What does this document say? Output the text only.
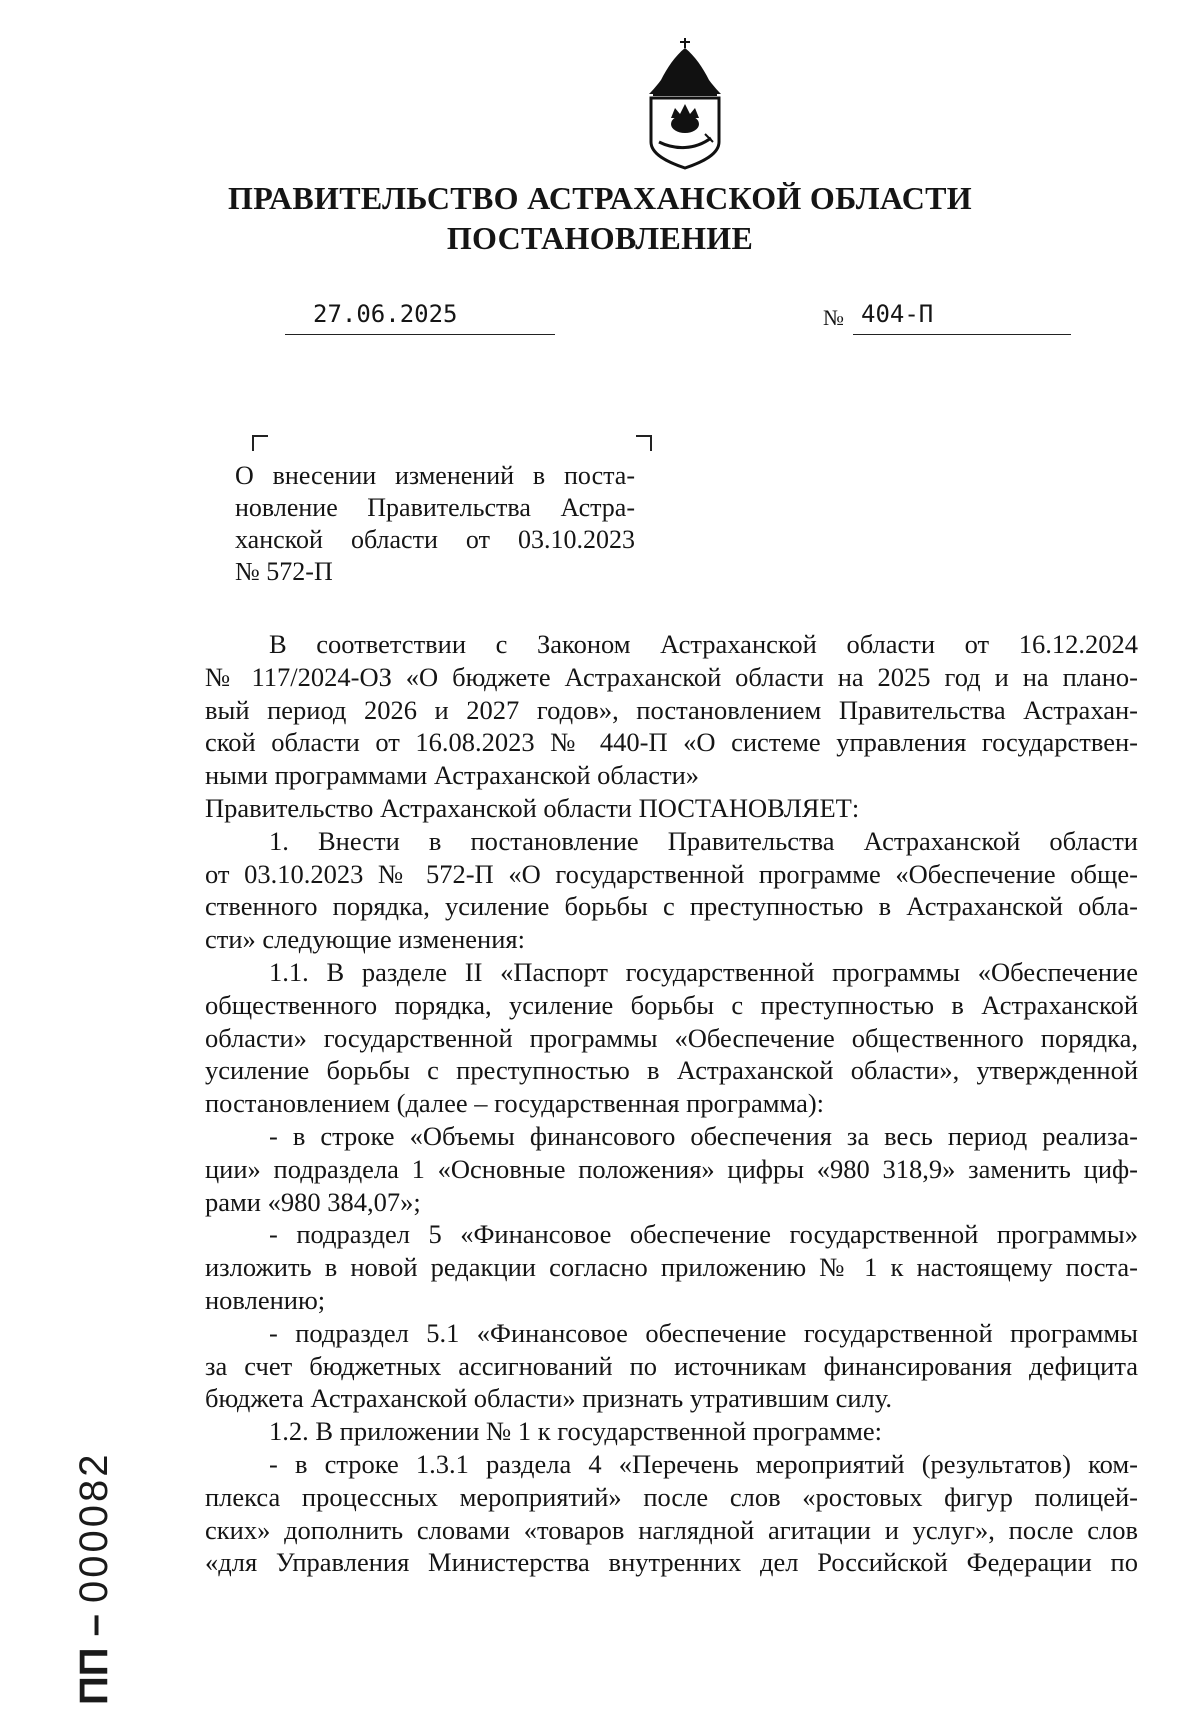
ПРАВИТЕЛЬСТВО АСТРАХАНСКОЙ ОБЛАСТИ
ПОСТАНОВЛЕНИЕ
27.06.2025	№ 404-П
О внесении изменений в поста-
новление Правительства Астра-
ханской области от 03.10.2023
№ 572-П
В соответствии с Законом Астраханской области от 16.12.2024
№ 117/2024-ОЗ «О бюджете Астраханской области на 2025 год и на плано-
вый период 2026 и 2027 годов», постановлением Правительства Астрахан-
ской области от 16.08.2023 № 440-П «О системе управления государствен-
ными программами Астраханской области»
Правительство Астраханской области ПОСТАНОВЛЯЕТ:
1. Внести в постановление Правительства Астраханской области
от 03.10.2023 № 572-П «О государственной программе «Обеспечение обще-
ственного порядка, усиление борьбы с преступностью в Астраханской обла-
сти» следующие изменения:
1.1. В разделе II «Паспорт государственной программы «Обеспечение
общественного порядка, усиление борьбы с преступностью в Астраханской
области» государственной программы «Обеспечение общественного порядка,
усиление борьбы с преступностью в Астраханской области», утвержденной
постановлением (далее – государственная программа):
- в строке «Объемы финансового обеспечения за весь период реализа-
ции» подраздела 1 «Основные положения» цифры «980 318,9» заменить циф-
рами «980 384,07»;
- подраздел 5 «Финансовое обеспечение государственной программы»
изложить в новой редакции согласно приложению № 1 к настоящему поста-
новлению;
- подраздел 5.1 «Финансовое обеспечение государственной программы
за счет бюджетных ассигнований по источникам финансирования дефицита
бюджета Астраханской области» признать утратившим силу.
1.2. В приложении № 1 к государственной программе:
- в строке 1.3.1 раздела 4 «Перечень мероприятий (результатов) ком-
плекса процессных мероприятий» после слов «ростовых фигур полицей-
ских» дополнить словами «товаров наглядной агитации и услуг», после слов
«для Управления Министерства внутренних дел Российской Федерации по
ПП – 000082
